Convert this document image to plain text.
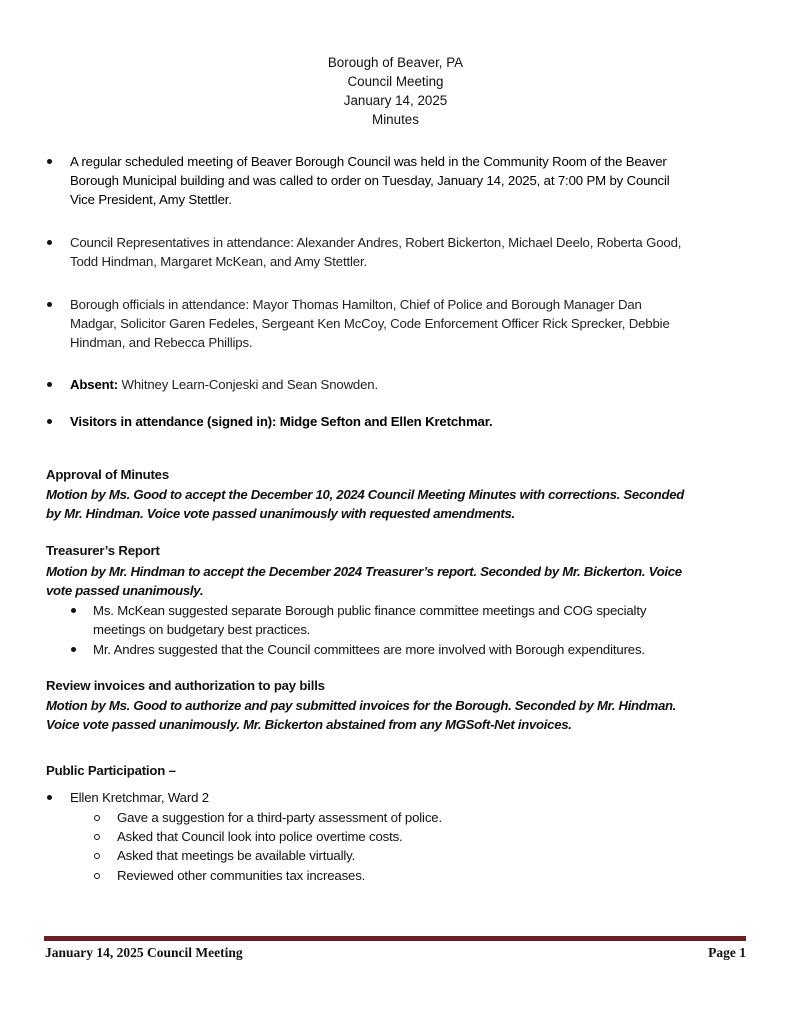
Borough of Beaver, PA
Council Meeting
January 14, 2025
Minutes
A regular scheduled meeting of Beaver Borough Council was held in the Community Room of the Beaver
Borough Municipal building and was called to order on Tuesday, January 14, 2025, at 7:00 PM by Council
Vice President, Amy Stettler.
Council Representatives in attendance: Alexander Andres, Robert Bickerton, Michael Deelo, Roberta Good,
Todd Hindman, Margaret McKean, and Amy Stettler.
Borough officials in attendance: Mayor Thomas Hamilton, Chief of Police and Borough Manager Dan
Madgar, Solicitor Garen Fedeles, Sergeant Ken McCoy, Code Enforcement Officer Rick Sprecker, Debbie
Hindman, and Rebecca Phillips.
Absent: Whitney Learn-Conjeski and Sean Snowden.
Visitors in attendance (signed in): Midge Sefton and Ellen Kretchmar.
Approval of Minutes
Motion by Ms. Good to accept the December 10, 2024 Council Meeting Minutes with corrections. Seconded
by Mr. Hindman. Voice vote passed unanimously with requested amendments.
Treasurer’s Report
Motion by Mr. Hindman to accept the December 2024 Treasurer’s report. Seconded by Mr. Bickerton. Voice
vote passed unanimously.
Ms. McKean suggested separate Borough public finance committee meetings and COG specialty
meetings on budgetary best practices.
Mr. Andres suggested that the Council committees are more involved with Borough expenditures.
Review invoices and authorization to pay bills
Motion by Ms. Good to authorize and pay submitted invoices for the Borough. Seconded by Mr. Hindman.
Voice vote passed unanimously. Mr. Bickerton abstained from any MGSoft-Net invoices.
Public Participation –
Ellen Kretchmar, Ward 2
Gave a suggestion for a third-party assessment of police.
Asked that Council look into police overtime costs.
Asked that meetings be available virtually.
Reviewed other communities tax increases.
January 14, 2025 Council Meeting	Page 1
